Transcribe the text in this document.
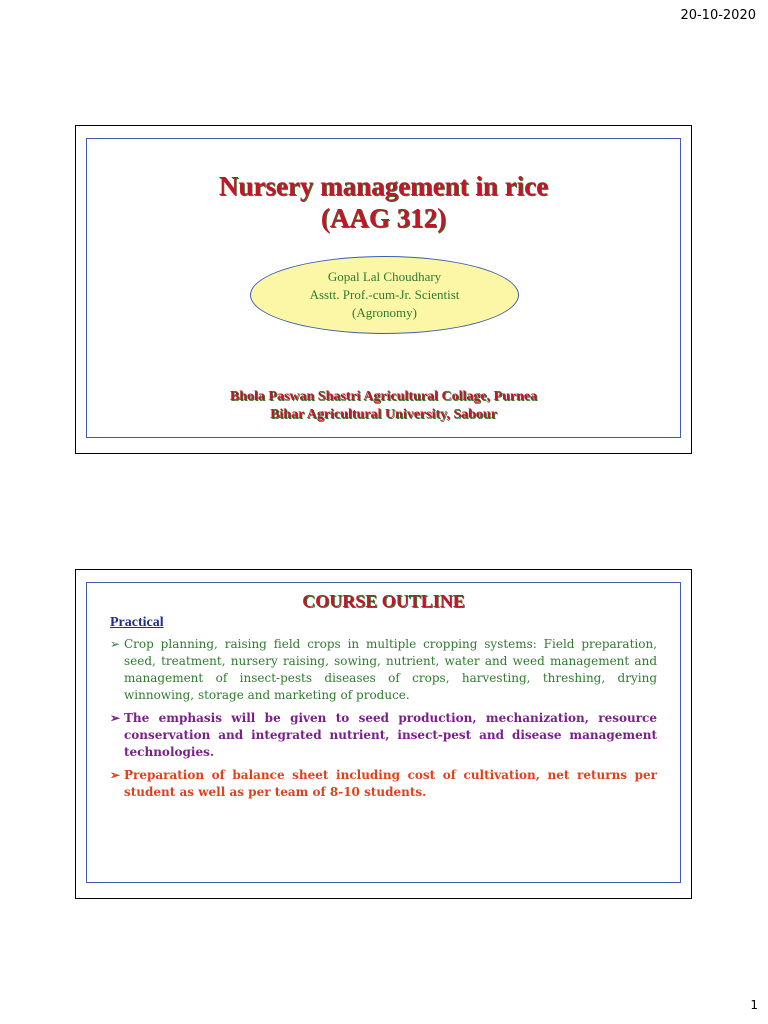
20-10-2020
Nursery management in rice
(AAG 312)
Gopal Lal Choudhary
Asstt. Prof.-cum-Jr. Scientist
(Agronomy)
Bhola Paswan Shastri Agricultural Collage, Purnea
Bihar Agricultural University, Sabour
COURSE OUTLINE
Practical
➢ Crop planning, raising field crops in multiple cropping systems: Field preparation, seed, treatment, nursery raising, sowing, nutrient, water and weed management and management of insect-pests diseases of crops, harvesting, threshing, drying winnowing, storage and marketing of produce.
➢ The emphasis will be given to seed production, mechanization, resource conservation and integrated nutrient, insect-pest and disease management technologies.
➢ Preparation of balance sheet including cost of cultivation, net returns per student as well as per team of 8-10 students.
1
